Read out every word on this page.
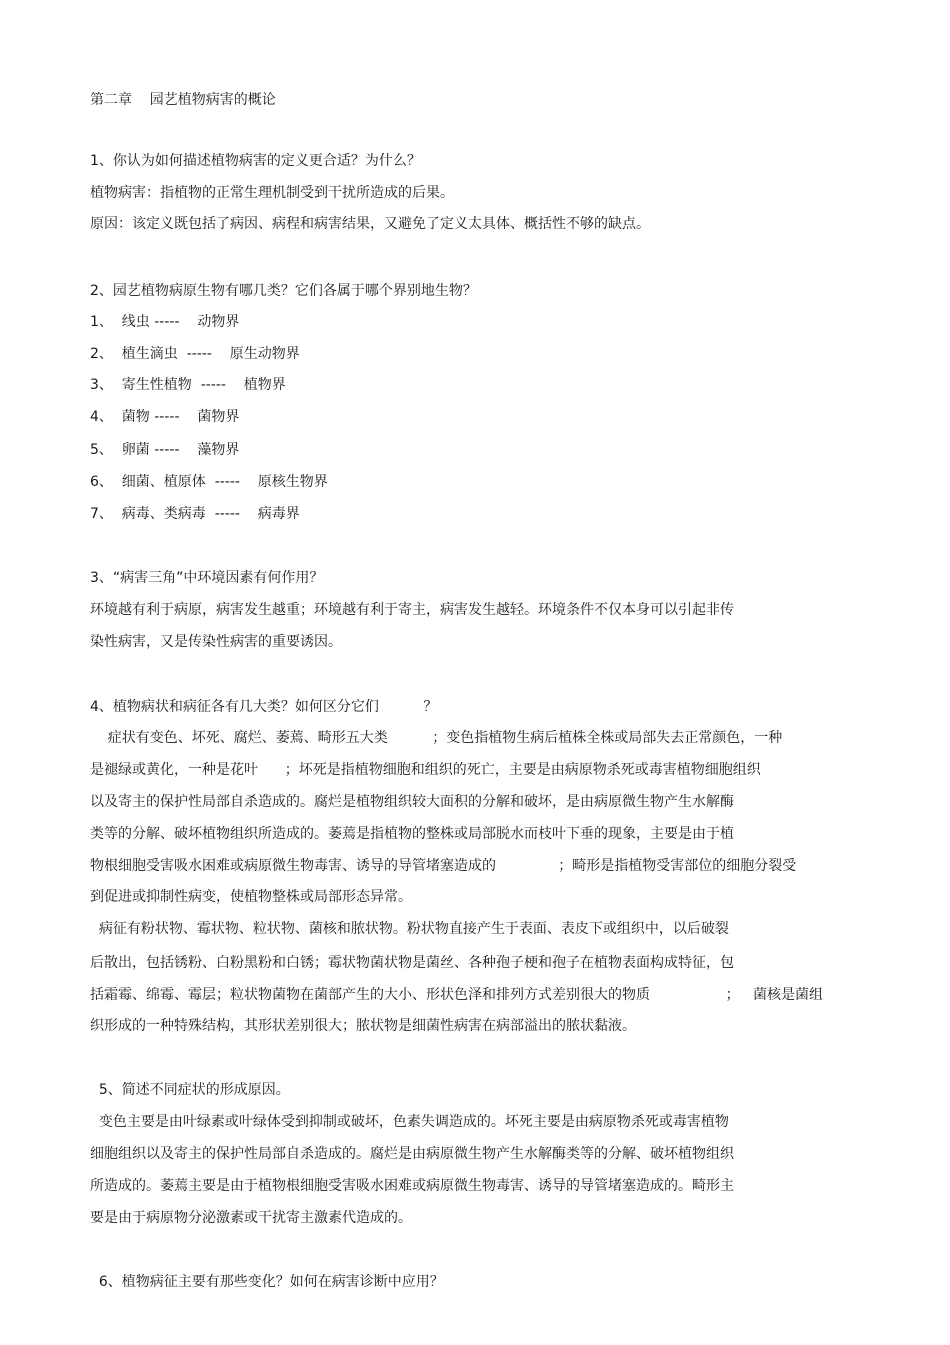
第二章    园艺植物病害的概论
1、你认为如何描述植物病害的定义更合适？为什么？
植物病害：指植物的正常生理机制受到干扰所造成的后果。
原因：该定义既包括了病因、病程和病害结果，又避免了定义太具体、概括性不够的缺点。
2、园艺植物病原生物有哪几类？它们各属于哪个界别地生物？
1、  线虫 -----    动物界
2、  植生滴虫  -----    原生动物界
3、  寄生性植物  -----    植物界
4、  菌物 -----    菌物界
5、  卵菌 -----    藻物界
6、  细菌、植原体  -----    原核生物界
7、  病毒、类病毒  -----    病毒界
3、“病害三角”中环境因素有何作用？
环境越有利于病原，病害发生越重；环境越有利于寄主，病害发生越轻。环境条件不仅本身可以引起非传
染性病害，又是传染性病害的重要诱因。
4、植物病状和病征各有几大类？如何区分它们          ？
症状有变色、坏死、腐烂、萎蔫、畸形五大类          ；变色指植物生病后植株全株或局部失去正常颜色，一种
是褪绿或黄化，一种是花叶      ；坏死是指植物细胞和组织的死亡，主要是由病原物杀死或毒害植物细胞组织
以及寄主的保护性局部自杀造成的。腐烂是植物组织较大面积的分解和破坏，是由病原微生物产生水解酶
类等的分解、破坏植物组织所造成的。萎蔫是指植物的整株或局部脱水而枝叶下垂的现象，主要是由于植
物根细胞受害吸水困难或病原微生物毒害、诱导的导管堵塞造成的              ；畸形是指植物受害部位的细胞分裂受
到促进或抑制性病变，使植物整株或局部形态异常。
病征有粉状物、霉状物、粒状物、菌核和脓状物。粉状物直接产生于表面、表皮下或组织中，以后破裂
后散出，包括锈粉、白粉黑粉和白锈；霉状物菌状物是菌丝、各种孢子梗和孢子在植物表面构成特征，包
括霜霉、绵霉、霉层；粒状物菌物在菌部产生的大小、形状色泽和排列方式差别很大的物质                 ；   菌核是菌组
织形成的一种特殊结构，其形状差别很大；脓状物是细菌性病害在病部溢出的脓状黏液。
5、简述不同症状的形成原因。
变色主要是由叶绿素或叶绿体受到抑制或破坏，色素失调造成的。坏死主要是由病原物杀死或毒害植物
细胞组织以及寄主的保护性局部自杀造成的。腐烂是由病原微生物产生水解酶类等的分解、破坏植物组织
所造成的。萎蔫主要是由于植物根细胞受害吸水困难或病原微生物毒害、诱导的导管堵塞造成的。畸形主
要是由于病原物分泌激素或干扰寄主激素代造成的。
6、植物病征主要有那些变化？如何在病害诊断中应用？
